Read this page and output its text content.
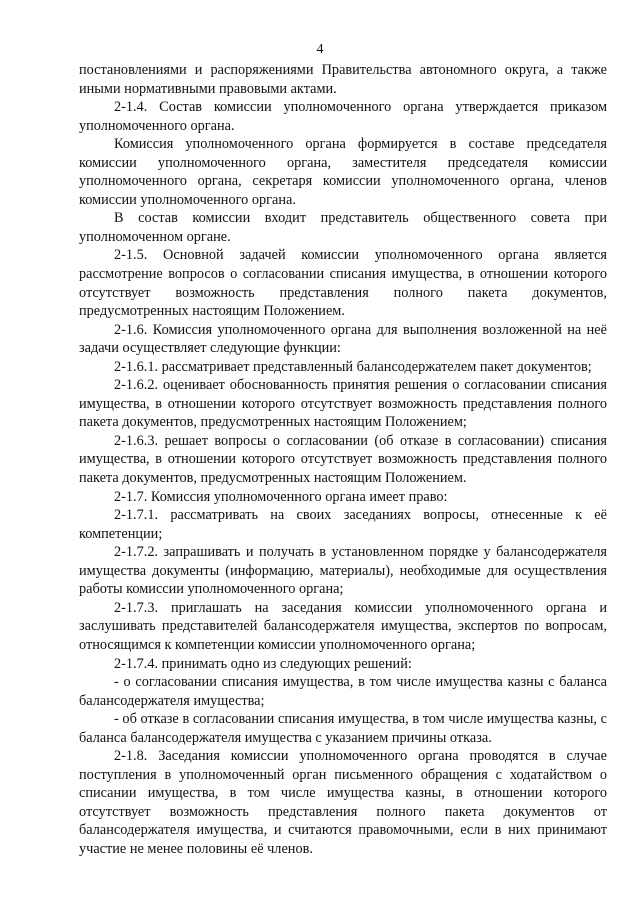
4

постановлениями и распоряжениями Правительства автономного округа, а также иными нормативными правовыми актами.

2-1.4. Состав комиссии уполномоченного органа утверждается приказом уполномоченного органа.

Комиссия уполномоченного органа формируется в составе председателя комиссии уполномоченного органа, заместителя председателя комиссии уполномоченного органа, секретаря комиссии уполномоченного органа, членов комиссии уполномоченного органа.

В состав комиссии входит представитель общественного совета при уполномоченном органе.

2-1.5. Основной задачей комиссии уполномоченного органа является рассмотрение вопросов о согласовании списания имущества, в отношении которого отсутствует возможность представления полного пакета документов, предусмотренных настоящим Положением.

2-1.6. Комиссия уполномоченного органа для выполнения возложенной на неё задачи осуществляет следующие функции:

2-1.6.1. рассматривает представленный балансодержателем пакет документов;

2-1.6.2. оценивает обоснованность принятия решения о согласовании списания имущества, в отношении которого отсутствует возможность представления полного пакета документов, предусмотренных настоящим Положением;

2-1.6.3. решает вопросы о согласовании (об отказе в согласовании) списания имущества, в отношении которого отсутствует возможность представления полного пакета документов, предусмотренных настоящим Положением.

2-1.7. Комиссия уполномоченного органа имеет право:

2-1.7.1. рассматривать на своих заседаниях вопросы, отнесенные к её компетенции;

2-1.7.2. запрашивать и получать в установленном порядке у балансодержателя имущества документы (информацию, материалы), необходимые для осуществления работы комиссии уполномоченного органа;

2-1.7.3. приглашать на заседания комиссии уполномоченного органа и заслушивать представителей балансодержателя имущества, экспертов по вопросам, относящимся к компетенции комиссии уполномоченного органа;

2-1.7.4. принимать одно из следующих решений:

- о согласовании списания имущества, в том числе имущества казны с баланса балансодержателя имущества;

- об отказе в согласовании списания имущества, в том числе имущества казны, с баланса балансодержателя имущества с указанием причины отказа.

2-1.8. Заседания комиссии уполномоченного органа проводятся в случае поступления в уполномоченный орган письменного обращения с ходатайством о списании имущества, в том числе имущества казны, в отношении которого отсутствует возможность представления полного пакета документов от балансодержателя имущества, и считаются правомочными, если в них принимают участие не менее половины её членов.
